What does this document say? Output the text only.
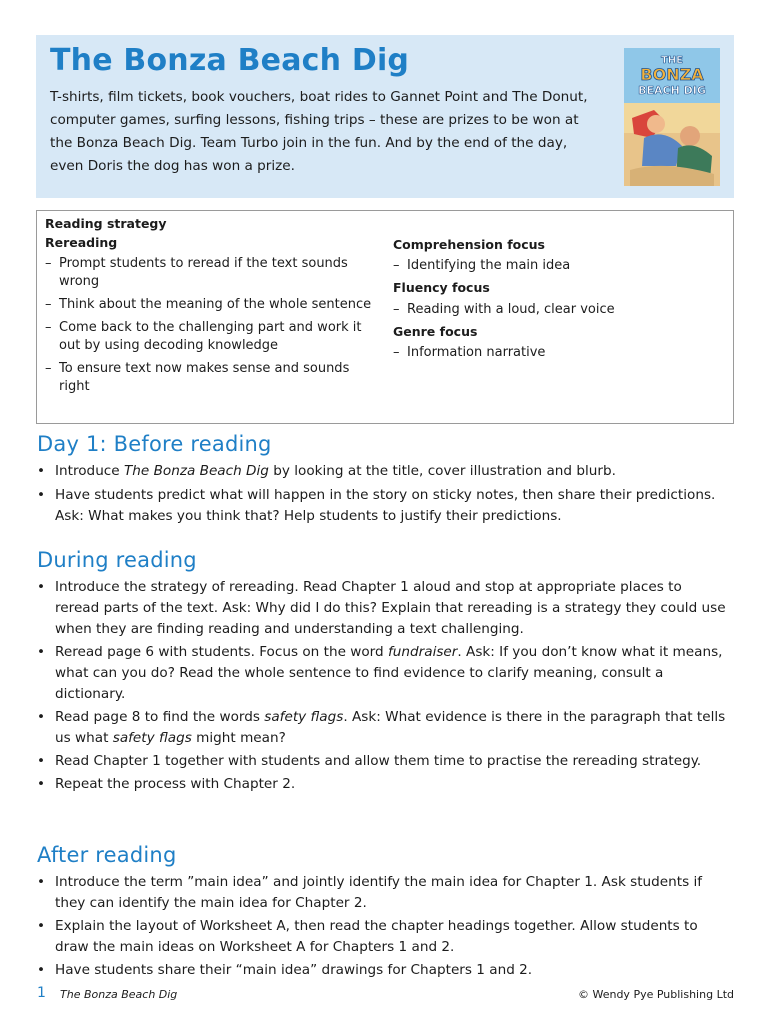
The Bonza Beach Dig

T-shirts, film tickets, book vouchers, boat rides to Gannet Point and The Donut, computer games, surfing lessons, fishing trips – these are prizes to be won at the Bonza Beach Dig. Team Turbo join in the fun. And by the end of the day, even Doris the dog has won a prize.

THE
BONZA
BEACH DIG
Reading strategy
Rereading
– Prompt students to reread if the text sounds wrong
– Think about the meaning of the whole sentence
– Come back to the challenging part and work it out by using decoding knowledge
– To ensure text now makes sense and sounds right
Comprehension focus
– Identifying the main idea
Fluency focus
– Reading with a loud, clear voice
Genre focus
– Information narrative
Day 1: Before reading
• Introduce The Bonza Beach Dig by looking at the title, cover illustration and blurb.
• Have students predict what will happen in the story on sticky notes, then share their predictions. Ask: What makes you think that? Help students to justify their predictions.
During reading
• Introduce the strategy of rereading. Read Chapter 1 aloud and stop at appropriate places to reread parts of the text. Ask: Why did I do this? Explain that rereading is a strategy they could use when they are finding reading and understanding a text challenging.
• Reread page 6 with students. Focus on the word fundraiser. Ask: If you don’t know what it means, what can you do? Read the whole sentence to find evidence to clarify meaning, consult a dictionary.
• Read page 8 to find the words safety flags. Ask: What evidence is there in the paragraph that tells us what safety flags might mean?
• Read Chapter 1 together with students and allow them time to practise the rereading strategy.
• Repeat the process with Chapter 2.
After reading
• Introduce the term ”main idea” and jointly identify the main idea for Chapter 1. Ask students if they can identify the main idea for Chapter 2.
• Explain the layout of Worksheet A, then read the chapter headings together. Allow students to draw the main ideas on Worksheet A for Chapters 1 and 2.
• Have students share their “main idea” drawings for Chapters 1 and 2.
1 The Bonza Beach Dig	© Wendy Pye Publishing Ltd
